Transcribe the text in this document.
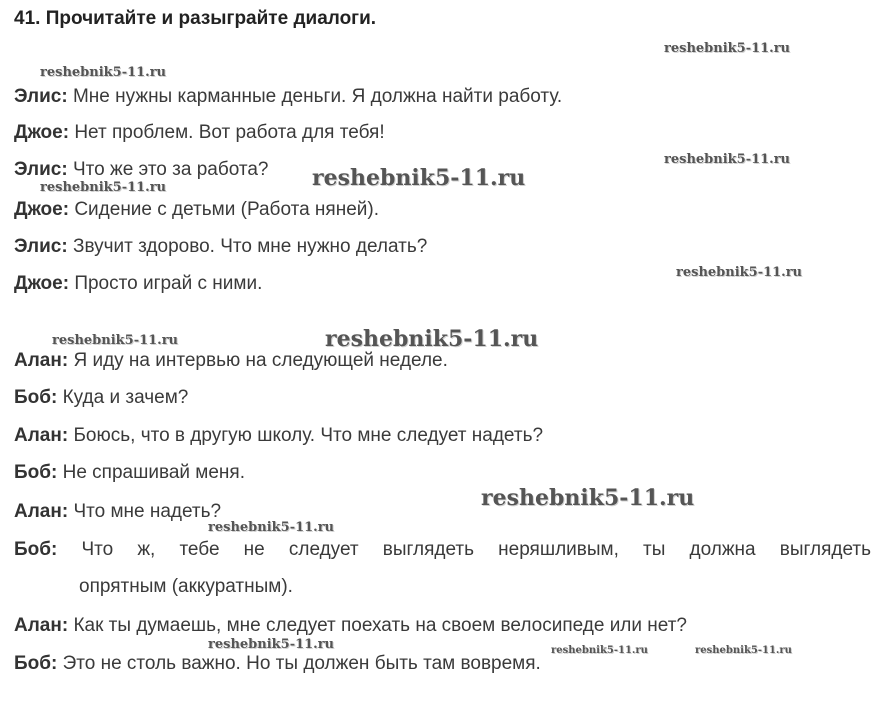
41. Прочитайте и разыграйте диалоги.
Элис: Мне нужны карманные деньги. Я должна найти работу.
Джое: Нет проблем. Вот работа для тебя!
Элис: Что же это за работа?
Джое: Сидение с детьми (Работа няней).
Элис: Звучит здорово. Что мне нужно делать?
Джое: Просто играй с ними.
Алан: Я иду на интервью на следующей неделе.
Боб: Куда и зачем?
Алан: Боюсь, что в другую школу. Что мне следует надеть?
Боб: Не спрашивай меня.
Алан: Что мне надеть?
Боб: Что ж, тебе не следует выглядеть неряшливым, ты должна выглядеть
опрятным (аккуратным).
Алан: Как ты думаешь, мне следует поехать на своем велосипеде или нет?
Боб: Это не столь важно. Но ты должен быть там вовремя.
reshebnik5-11.ru
reshebnik5-11.ru
reshebnik5-11.ru
reshebnik5-11.ru
reshebnik5-11.ru
reshebnik5-11.ru
reshebnik5-11.ru	reshebnik5-11.ru
reshebnik5-11.ru
reshebnik5-11.ru
reshebnik5-11.ru	reshebnik5-11.ru	reshebnik5-11.ru
